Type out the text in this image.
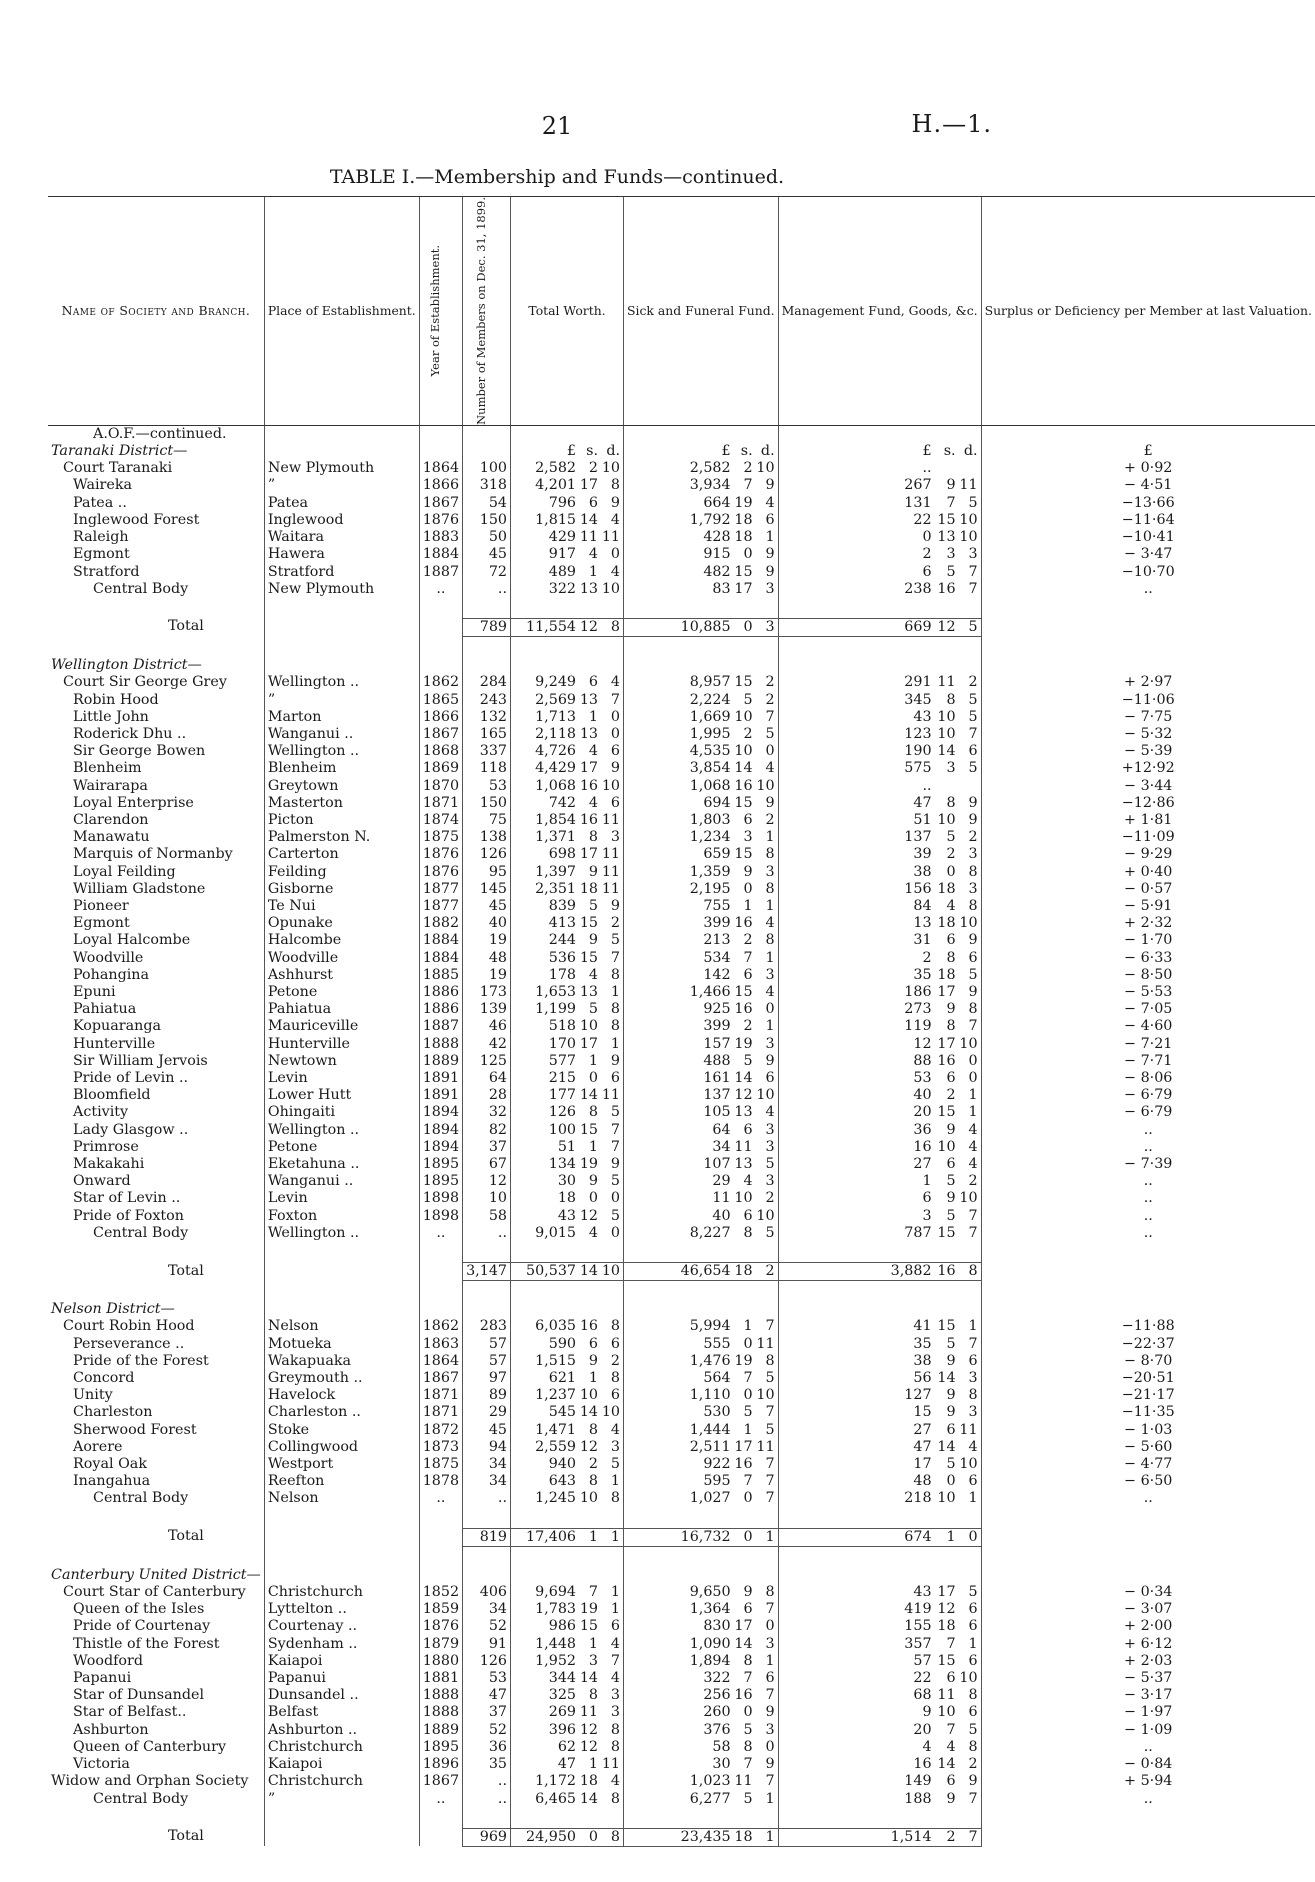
21	H.—1.
TABLE I.—Membership and Funds—continued.
Name of Society and Branch.	Place of Establishment.	Year of Establishment.	Number of Members on Dec. 31, 1899.	Total Worth.	Sick and Funeral Fund.	Management Fund, Goods, &c.	Surplus or Deficiency per Member at last Valuation.
A.O.F.—continued.							
Taranaki District—				£ s. d.	£ s. d.	£ s. d.	£
Court Taranaki	New Plymouth	1864	100	2,582 2 10	2,582 2 10	..	+ 0·92
Waireka	”	1866	318	4,201 17 8	3,934 7 9	267 9 11	− 4·51
Patea ..	Patea	1867	54	796 6 9	664 19 4	131 7 5	−13·66
Inglewood Forest	Inglewood	1876	150	1,815 14 4	1,792 18 6	22 15 10	−11·64
Raleigh	Waitara	1883	50	429 11 11	428 18 1	0 13 10	−10·41
Egmont	Hawera	1884	45	917 4 0	915 0 9	2 3 3	− 3·47
Stratford	Stratford	1887	72	489 1 4	482 15 9	6 5 7	−10·70
Central Body	New Plymouth	..	..	322 13 10	83 17 3	238 16 7	..

Total			789	11,554 12 8	10,885 0 3	669 12 5	

Wellington District—							
Court Sir George Grey	Wellington ..	1862	284	9,249 6 4	8,957 15 2	291 11 2	+ 2·97
Robin Hood	”	1865	243	2,569 13 7	2,224 5 2	345 8 5	−11·06
Little John	Marton	1866	132	1,713 1 0	1,669 10 7	43 10 5	− 7·75
Roderick Dhu ..	Wanganui ..	1867	165	2,118 13 0	1,995 2 5	123 10 7	− 5·32
Sir George Bowen	Wellington ..	1868	337	4,726 4 6	4,535 10 0	190 14 6	− 5·39
Blenheim	Blenheim	1869	118	4,429 17 9	3,854 14 4	575 3 5	+12·92
Wairarapa	Greytown	1870	53	1,068 16 10	1,068 16 10	..	− 3·44
Loyal Enterprise	Masterton	1871	150	742 4 6	694 15 9	47 8 9	−12·86
Clarendon	Picton	1874	75	1,854 16 11	1,803 6 2	51 10 9	+ 1·81
Manawatu	Palmerston N.	1875	138	1,371 8 3	1,234 3 1	137 5 2	−11·09
Marquis of Normanby	Carterton	1876	126	698 17 11	659 15 8	39 2 3	− 9·29
Loyal Feilding	Feilding	1876	95	1,397 9 11	1,359 9 3	38 0 8	+ 0·40
William Gladstone	Gisborne	1877	145	2,351 18 11	2,195 0 8	156 18 3	− 0·57
Pioneer	Te Nui	1877	45	839 5 9	755 1 1	84 4 8	− 5·91
Egmont	Opunake	1882	40	413 15 2	399 16 4	13 18 10	+ 2·32
Loyal Halcombe	Halcombe	1884	19	244 9 5	213 2 8	31 6 9	− 1·70
Woodville	Woodville	1884	48	536 15 7	534 7 1	2 8 6	− 6·33
Pohangina	Ashhurst	1885	19	178 4 8	142 6 3	35 18 5	− 8·50
Epuni	Petone	1886	173	1,653 13 1	1,466 15 4	186 17 9	− 5·53
Pahiatua	Pahiatua	1886	139	1,199 5 8	925 16 0	273 9 8	− 7·05
Kopuaranga	Mauriceville	1887	46	518 10 8	399 2 1	119 8 7	− 4·60
Hunterville	Hunterville	1888	42	170 17 1	157 19 3	12 17 10	− 7·21
Sir William Jervois	Newtown	1889	125	577 1 9	488 5 9	88 16 0	− 7·71
Pride of Levin ..	Levin	1891	64	215 0 6	161 14 6	53 6 0	− 8·06
Bloomfield	Lower Hutt	1891	28	177 14 11	137 12 10	40 2 1	− 6·79
Activity	Ohingaiti	1894	32	126 8 5	105 13 4	20 15 1	− 6·79
Lady Glasgow ..	Wellington ..	1894	82	100 15 7	64 6 3	36 9 4	..
Primrose	Petone	1894	37	51 1 7	34 11 3	16 10 4	..
Makakahi	Eketahuna ..	1895	67	134 19 9	107 13 5	27 6 4	− 7·39
Onward	Wanganui ..	1895	12	30 9 5	29 4 3	1 5 2	..
Star of Levin ..	Levin	1898	10	18 0 0	11 10 2	6 9 10	..
Pride of Foxton	Foxton	1898	58	43 12 5	40 6 10	3 5 7	..
Central Body	Wellington ..	..	..	9,015 4 0	8,227 8 5	787 15 7	..

Total			3,147	50,537 14 10	46,654 18 2	3,882 16 8	

Nelson District—							
Court Robin Hood	Nelson	1862	283	6,035 16 8	5,994 1 7	41 15 1	−11·88
Perseverance ..	Motueka	1863	57	590 6 6	555 0 11	35 5 7	−22·37
Pride of the Forest	Wakapuaka	1864	57	1,515 9 2	1,476 19 8	38 9 6	− 8·70
Concord	Greymouth ..	1867	97	621 1 8	564 7 5	56 14 3	−20·51
Unity	Havelock	1871	89	1,237 10 6	1,110 0 10	127 9 8	−21·17
Charleston	Charleston ..	1871	29	545 14 10	530 5 7	15 9 3	−11·35
Sherwood Forest	Stoke	1872	45	1,471 8 4	1,444 1 5	27 6 11	− 1·03
Aorere	Collingwood	1873	94	2,559 12 3	2,511 17 11	47 14 4	− 5·60
Royal Oak	Westport	1875	34	940 2 5	922 16 7	17 5 10	− 4·77
Inangahua	Reefton	1878	34	643 8 1	595 7 7	48 0 6	− 6·50
Central Body	Nelson	..	..	1,245 10 8	1,027 0 7	218 10 1	..

Total			819	17,406 1 1	16,732 0 1	674 1 0	

Canterbury United District—							
Court Star of Canterbury	Christchurch	1852	406	9,694 7 1	9,650 9 8	43 17 5	− 0·34
Queen of the Isles	Lyttelton ..	1859	34	1,783 19 1	1,364 6 7	419 12 6	− 3·07
Pride of Courtenay	Courtenay ..	1876	52	986 15 6	830 17 0	155 18 6	+ 2·00
Thistle of the Forest	Sydenham ..	1879	91	1,448 1 4	1,090 14 3	357 7 1	+ 6·12
Woodford	Kaiapoi	1880	126	1,952 3 7	1,894 8 1	57 15 6	+ 2·03
Papanui	Papanui	1881	53	344 14 4	322 7 6	22 6 10	− 5·37
Star of Dunsandel	Dunsandel ..	1888	47	325 8 3	256 16 7	68 11 8	− 3·17
Star of Belfast..	Belfast	1888	37	269 11 3	260 0 9	9 10 6	− 1·97
Ashburton	Ashburton ..	1889	52	396 12 8	376 5 3	20 7 5	− 1·09
Queen of Canterbury	Christchurch	1895	36	62 12 8	58 8 0	4 4 8	..
Victoria	Kaiapoi	1896	35	47 1 11	30 7 9	16 14 2	− 0·84
Widow and Orphan Society	Christchurch	1867	..	1,172 18 4	1,023 11 7	149 6 9	+ 5·94
Central Body	”	..	..	6,465 14 8	6,277 5 1	188 9 7	..

Total			969	24,950 0 8	23,435 18 1	1,514 2 7	
